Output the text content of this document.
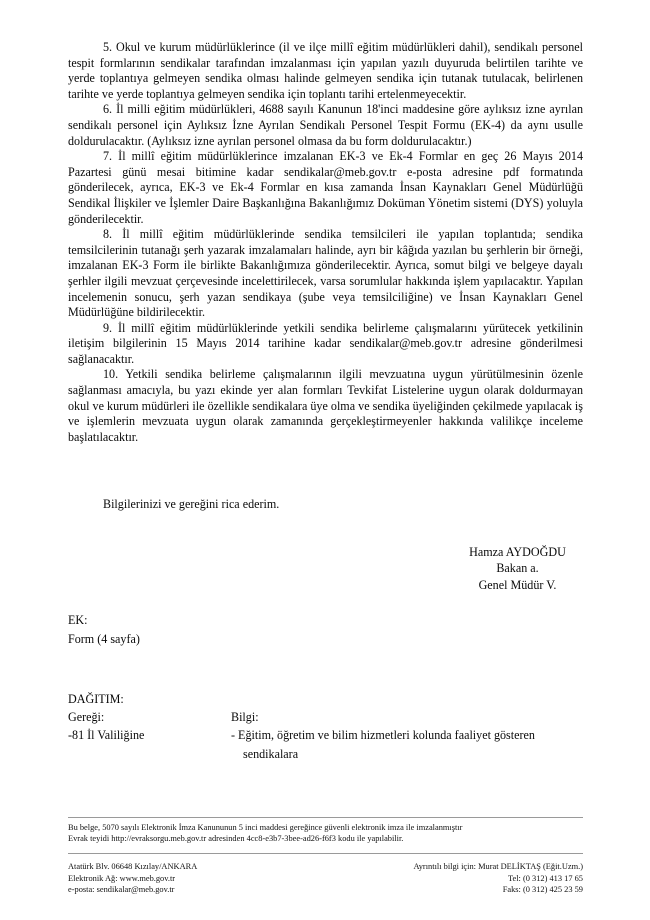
5. Okul ve kurum müdürlüklerince (il ve ilçe millî eğitim müdürlükleri dahil), sendikalı personel tespit formlarının sendikalar tarafından imzalanması için yapılan yazılı duyuruda belirtilen tarihte ve yerde toplantıya gelmeyen sendika olması halinde gelmeyen sendika için tutanak tutulacak, belirlenen tarihte ve yerde toplantıya gelmeyen sendika için toplantı tarihi ertelenmeyecektir.

6. İl milli eğitim müdürlükleri, 4688 sayılı Kanunun 18'inci maddesine göre aylıksız izne ayrılan sendikalı personel için Aylıksız İzne Ayrılan Sendikalı Personel Tespit Formu (EK-4) da aynı usulle doldurulacaktır. (Aylıksız izne ayrılan personel olmasa da bu form doldurulacaktır.)

7. İl millî eğitim müdürlüklerince imzalanan EK-3 ve Ek-4 Formlar en geç 26 Mayıs 2014 Pazartesi günü mesai bitimine kadar sendikalar@meb.gov.tr e-posta adresine pdf formatında gönderilecek, ayrıca, EK-3 ve Ek-4 Formlar en kısa zamanda İnsan Kaynakları Genel Müdürlüğü Sendikal İlişkiler ve İşlemler Daire Başkanlığına Bakanlığımız Doküman Yönetim sistemi (DYS) yoluyla gönderilecektir.

8. İl millî eğitim müdürlüklerinde sendika temsilcileri ile yapılan toplantıda; sendika temsilcilerinin tutanağı şerh yazarak imzalamaları halinde, ayrı bir kâğıda yazılan bu şerhlerin bir örneği, imzalanan EK-3 Form ile birlikte Bakanlığımıza gönderilecektir. Ayrıca, somut bilgi ve belgeye dayalı şerhler ilgili mevzuat çerçevesinde incelettirilecek, varsa sorumlular hakkında işlem yapılacaktır. Yapılan incelemenin sonucu, şerh yazan sendikaya (şube veya temsilciliğine) ve İnsan Kaynakları Genel Müdürlüğüne bildirilecektir.

9. İl millî eğitim müdürlüklerinde yetkili sendika belirleme çalışmalarını yürütecek yetkilinin iletişim bilgilerinin 15 Mayıs 2014 tarihine kadar sendikalar@meb.gov.tr adresine gönderilmesi sağlanacaktır.

10. Yetkili sendika belirleme çalışmalarının ilgili mevzuatına uygun yürütülmesinin özenle sağlanması amacıyla, bu yazı ekinde yer alan formları Tevkifat Listelerine uygun olarak doldurmayan okul ve kurum müdürleri ile özellikle sendikalara üye olma ve sendika üyeliğinden çekilmede yapılacak iş ve işlemlerin mevzuata uygun olarak zamanında gerçekleştirmeyenler hakkında valilikçe inceleme başlatılacaktır.

Bilgilerinizi ve gereğini rica ederim.
Hamza AYDOĞDU
Bakan a.
Genel Müdür V.
EK:
Form (4 sayfa)
DAĞITIM:
Gereği:
-81 İl Valiliğine
Bilgi:
- Eğitim, öğretim ve bilim hizmetleri kolunda faaliyet gösteren
sendikalara
Bu belge, 5070 sayılı Elektronik İmza Kanununun 5 inci maddesi gereğince güvenli elektronik imza ile imzalanmıştır
Evrak teyidi http://evraksorgu.meb.gov.tr adresinden 4cc8-e3b7-3bee-ad26-f6f3 kodu ile yapılabilir.
Atatürk Blv. 06648 Kızılay/ANKARA
Elektronik Ağ: www.meb.gov.tr
e-posta: sendikalar@meb.gov.tr
Ayrıntılı bilgi için: Murat DELİKTAŞ (Eğit.Uzm.)
Tel: (0 312) 413 17 65
Faks: (0 312) 425 23 59
